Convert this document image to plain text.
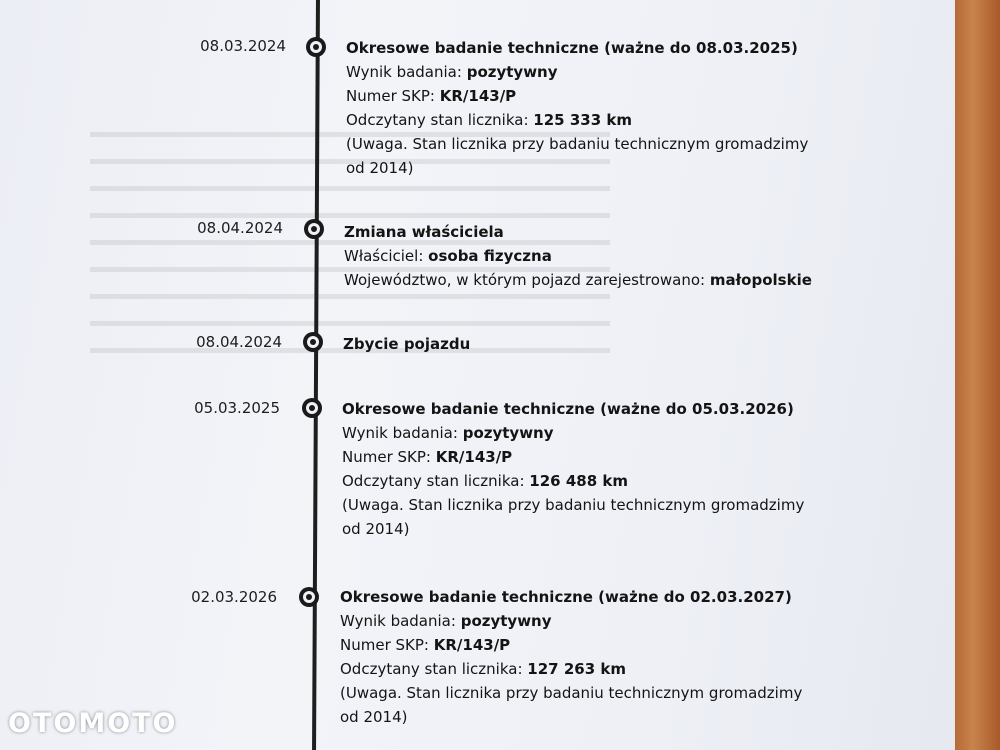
08.03.2024	Okresowe badanie techniczne (ważne do 08.03.2025)
Wynik badania: pozytywny
Numer SKP: KR/143/P
Odczytany stan licznika: 125 333 km
(Uwaga. Stan licznika przy badaniu technicznym gromadzimy od 2014)
08.04.2024	Zmiana właściciela
Właściciel: osoba fizyczna
Województwo, w którym pojazd zarejestrowano: małopolskie
08.04.2024	Zbycie pojazdu
05.03.2025	Okresowe badanie techniczne (ważne do 05.03.2026)
Wynik badania: pozytywny
Numer SKP: KR/143/P
Odczytany stan licznika: 126 488 km
(Uwaga. Stan licznika przy badaniu technicznym gromadzimy od 2014)
02.03.2026	Okresowe badanie techniczne (ważne do 02.03.2027)
Wynik badania: pozytywny
Numer SKP: KR/143/P
Odczytany stan licznika: 127 263 km
(Uwaga. Stan licznika przy badaniu technicznym gromadzimy od 2014)
OTOMOTO
